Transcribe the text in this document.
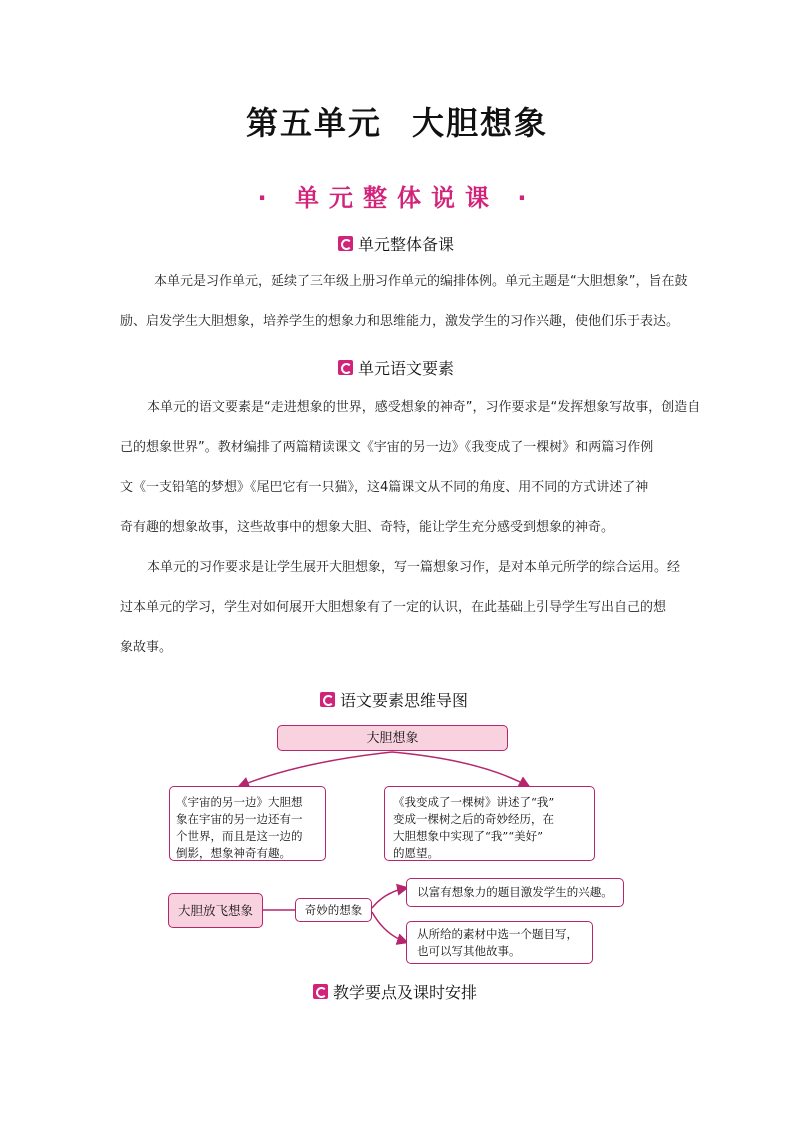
第五单元 大胆想象
· 单元整体说课 ·
单元整体备课
本单元是习作单元，延续了三年级上册习作单元的编排体例。单元主题是“大胆想象”，旨在鼓
励、启发学生大胆想象，培养学生的想象力和思维能力，激发学生的习作兴趣，使他们乐于表达。
单元语文要素
本单元的语文要素是“走进想象的世界，感受想象的神奇”，习作要求是“发挥想象写故事，创造自
己的想象世界”。教材编排了两篇精读课文《宇宙的另一边》《我变成了一棵树》和两篇习作例
文《一支铅笔的梦想》《尾巴它有一只猫》，这4篇课文从不同的角度、用不同的方式讲述了神
奇有趣的想象故事，这些故事中的想象大胆、奇特，能让学生充分感受到想象的神奇。
本单元的习作要求是让学生展开大胆想象，写一篇想象习作，是对本单元所学的综合运用。经
过本单元的学习，学生对如何展开大胆想象有了一定的认识，在此基础上引导学生写出自己的想
象故事。
语文要素思维导图
大胆想象
《宇宙的另一边》大胆想
象在宇宙的另一边还有一
个世界，而且是这一边的
倒影，想象神奇有趣。
《我变成了一棵树》讲述了“我”
变成一棵树之后的奇妙经历，在
大胆想象中实现了“我”“美好”
的愿望。
大胆放飞想象	奇妙的想象
以富有想象力的题目激发学生的兴趣。
从所给的素材中选一个题目写，
也可以写其他故事。
教学要点及课时安排
